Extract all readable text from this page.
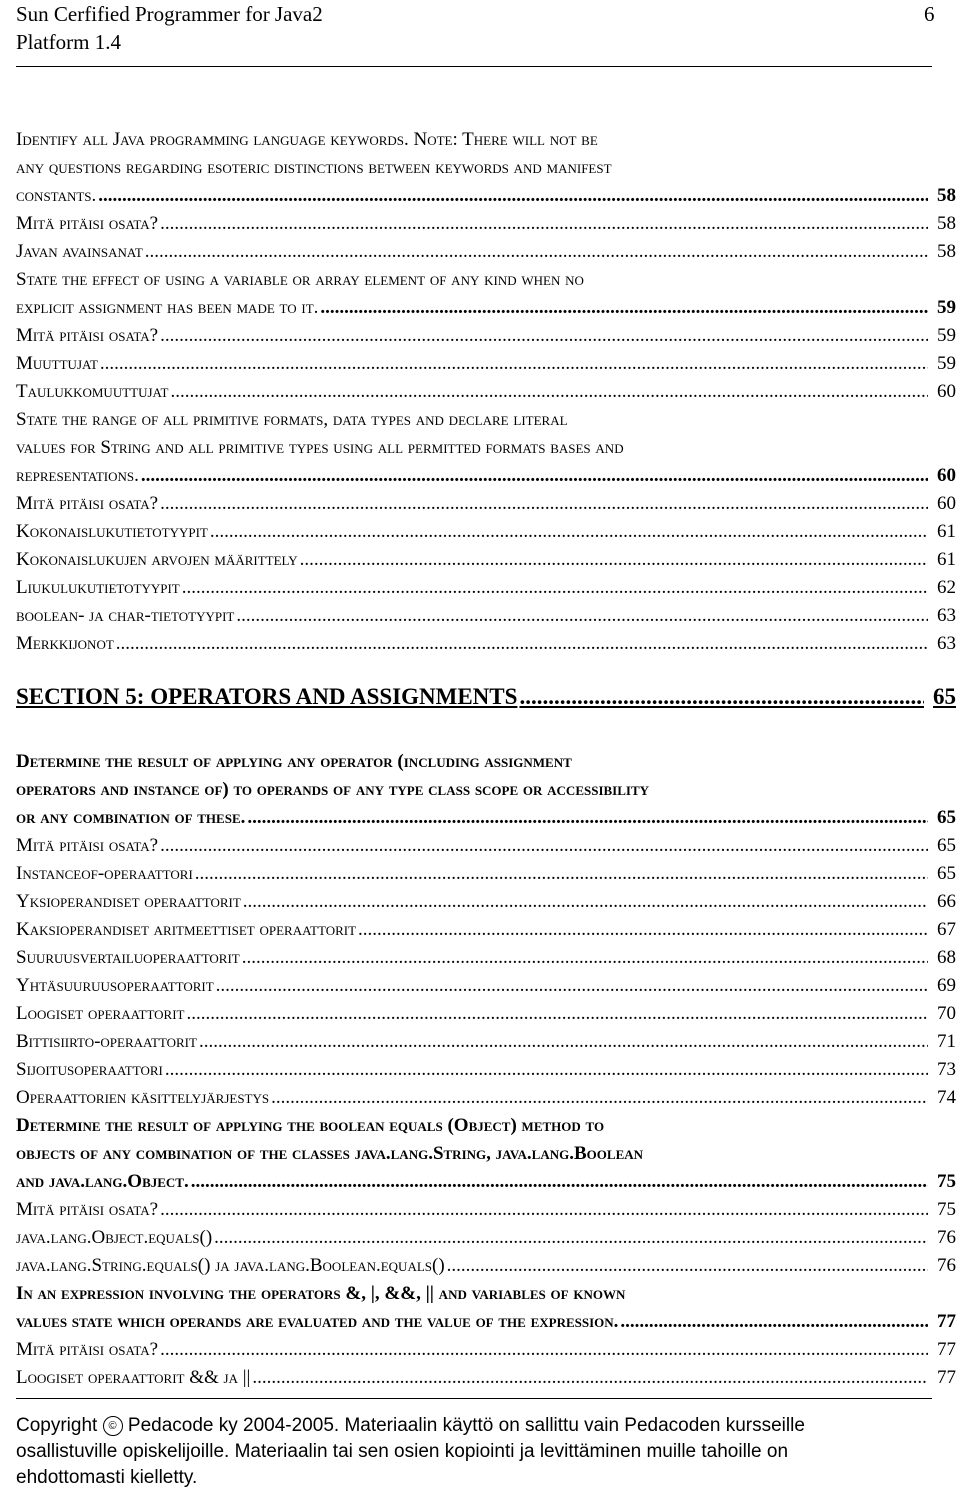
Sun Cerfified Programmer for Java2
Platform 1.4
6
Identify all Java programming language keywords. Note: There will not be
any questions regarding esoteric distinctions between keywords and manifest
constants. .....	58
Mitä pitäisi osata? .....	58
Javan avainsanat .....	58
State the effect of using a variable or array element of any kind when no
explicit assignment has been made to it. .....	59
Mitä pitäisi osata? .....	59
Muuttujat .....	59
Taulukkomuuttujat .....	60
State the range of all primitive formats, data types and declare literal
values for String and all primitive types using all permitted formats bases and
representations. .....	60
Mitä pitäisi osata? .....	60
Kokonaislukutietotyypit .....	61
Kokonaislukujen arvojen määrittely .....	61
Liukulukutietotyypit .....	62
boolean- ja char-tietotyypit .....	63
Merkkijonot .....	63
SECTION 5: OPERATORS AND ASSIGNMENTS .....	65
Determine the result of applying any operator (including assignment
operators and instance of) to operands of any type class scope or accessibility
or any combination of these. .....	65
Mitä pitäisi osata? .....	65
Instanceof-operaattori .....	65
Yksioperandiset operaattorit .....	66
Kaksioperandiset aritmeettiset operaattorit .....	67
Suuruusvertailuoperaattorit .....	68
Yhtäsuuruusoperaattorit .....	69
Loogiset operaattorit .....	70
Bittisiirto-operaattorit .....	71
Sijoitusoperaattori .....	73
Operaattorien käsittelyjärjestys .....	74
Determine the result of applying the boolean equals (Object) method to
objects of any combination of the classes java.lang.String, java.lang.Boolean
and java.lang.Object. .....	75
Mitä pitäisi osata? .....	75
java.lang.Object.equals() .....	76
java.lang.String.equals() ja java.lang.Boolean.equals() .....	76
In an expression involving the operators &, |, &&, || and variables of known
values state which operands are evaluated and the value of the expression. .....	77
Mitä pitäisi osata? .....	77
Loogiset operaattorit && ja || .....	77
Copyright © Pedacode ky 2004-2005. Materiaalin käyttö on sallittu vain Pedacoden kursseille
osallistuville opiskelijoille. Materiaalin tai sen osien kopiointi ja levittäminen muille tahoille on
ehdottomasti kielletty.
